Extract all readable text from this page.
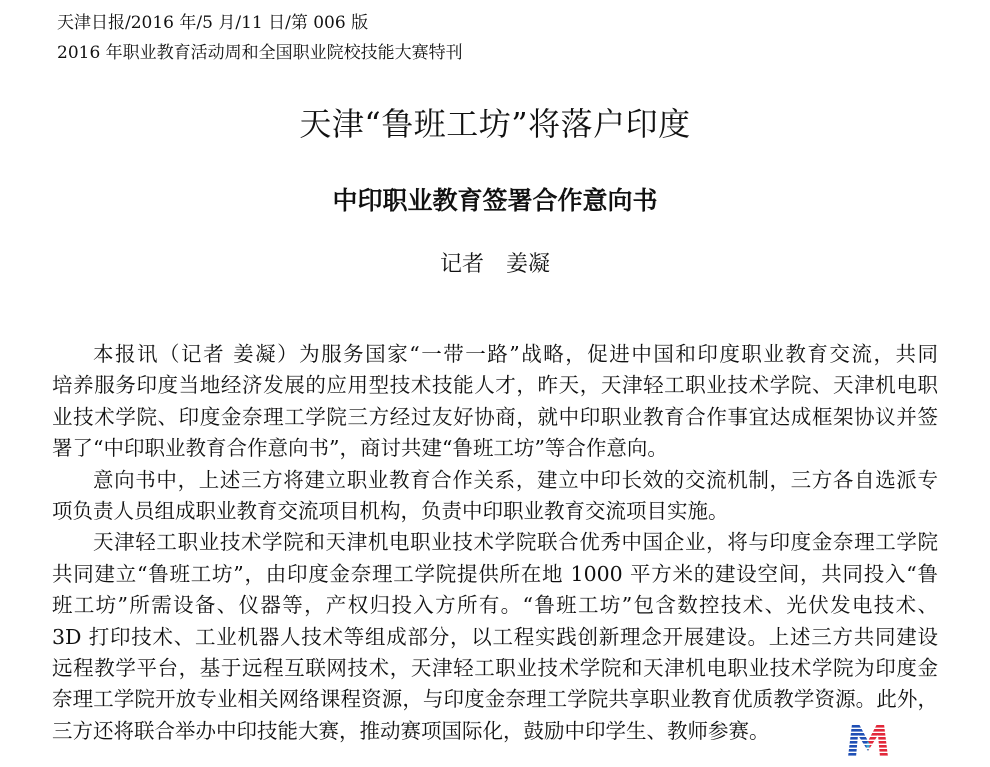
天津日报/2016 年/5 月/11 日/第 006 版
2016 年职业教育活动周和全国职业院校技能大赛特刊
天津“鲁班工坊”将落户印度
中印职业教育签署合作意向书
记者　姜凝
本报讯（记者 姜凝）为服务国家“一带一路”战略，促进中国和印度职业教育交流，共同
培养服务印度当地经济发展的应用型技术技能人才，昨天，天津轻工职业技术学院、天津机电职
业技术学院、印度金奈理工学院三方经过友好协商，就中印职业教育合作事宜达成框架协议并签
署了“中印职业教育合作意向书”，商讨共建“鲁班工坊”等合作意向。
意向书中，上述三方将建立职业教育合作关系，建立中印长效的交流机制，三方各自选派专
项负责人员组成职业教育交流项目机构，负责中印职业教育交流项目实施。
天津轻工职业技术学院和天津机电职业技术学院联合优秀中国企业，将与印度金奈理工学院
共同建立“鲁班工坊”，由印度金奈理工学院提供所在地 1000 平方米的建设空间，共同投入“鲁
班工坊”所需设备、仪器等，产权归投入方所有。“鲁班工坊”包含数控技术、光伏发电技术、
3D 打印技术、工业机器人技术等组成部分，以工程实践创新理念开展建设。上述三方共同建设
远程教学平台，基于远程互联网技术，天津轻工职业技术学院和天津机电职业技术学院为印度金
奈理工学院开放专业相关网络课程资源，与印度金奈理工学院共享职业教育优质教学资源。此外，
三方还将联合举办中印技能大赛，推动赛项国际化，鼓励中印学生、教师参赛。
